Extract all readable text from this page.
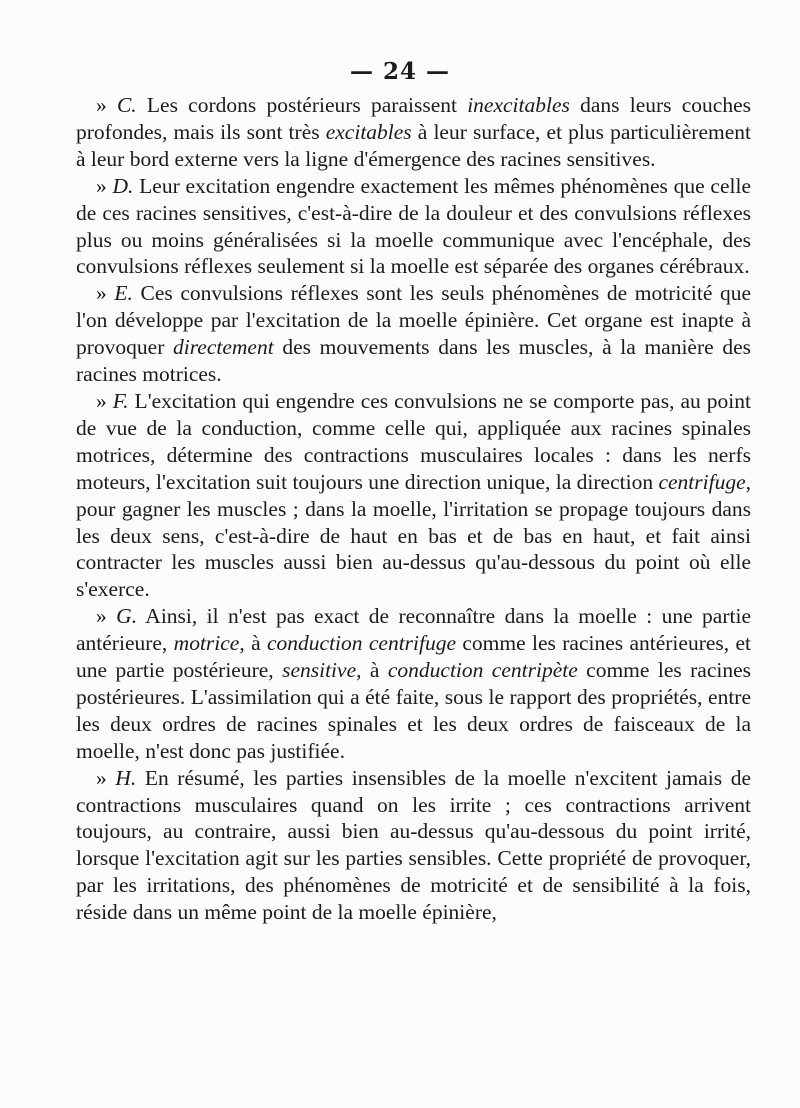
— 24 —

» C. Les cordons postérieurs paraissent inexcitables dans leurs couches profondes, mais ils sont très excitables à leur surface, et plus particulièrement à leur bord externe vers la ligne d'émergence des racines sensitives.

» D. Leur excitation engendre exactement les mêmes phénomènes que celle de ces racines sensitives, c'est-à-dire de la douleur et des convulsions réflexes plus ou moins généralisées si la moelle communique avec l'encéphale, des convulsions réflexes seulement si la moelle est séparée des organes cérébraux.

» E. Ces convulsions réflexes sont les seuls phénomènes de motricité que l'on développe par l'excitation de la moelle épinière. Cet organe est inapte à provoquer directement des mouvements dans les muscles, à la manière des racines motrices.

» F. L'excitation qui engendre ces convulsions ne se comporte pas, au point de vue de la conduction, comme celle qui, appliquée aux racines spinales motrices, détermine des contractions musculaires locales : dans les nerfs moteurs, l'excitation suit toujours une direction unique, la direction centrifuge, pour gagner les muscles ; dans la moelle, l'irritation se propage toujours dans les deux sens, c'est-à-dire de haut en bas et de bas en haut, et fait ainsi contracter les muscles aussi bien au-dessus qu'au-dessous du point où elle s'exerce.

» G. Ainsi, il n'est pas exact de reconnaître dans la moelle : une partie antérieure, motrice, à conduction centrifuge comme les racines antérieures, et une partie postérieure, sensitive, à conduction centripète comme les racines postérieures. L'assimilation qui a été faite, sous le rapport des propriétés, entre les deux ordres de racines spinales et les deux ordres de faisceaux de la moelle, n'est donc pas justifiée.

» H. En résumé, les parties insensibles de la moelle n'excitent jamais de contractions musculaires quand on les irrite ; ces contractions arrivent toujours, au contraire, aussi bien au-dessus qu'au-dessous du point irrité, lorsque l'excitation agit sur les parties sensibles. Cette propriété de provoquer, par les irritations, des phénomènes de motricité et de sensibilité à la fois, réside dans un même point de la moelle épinière,
